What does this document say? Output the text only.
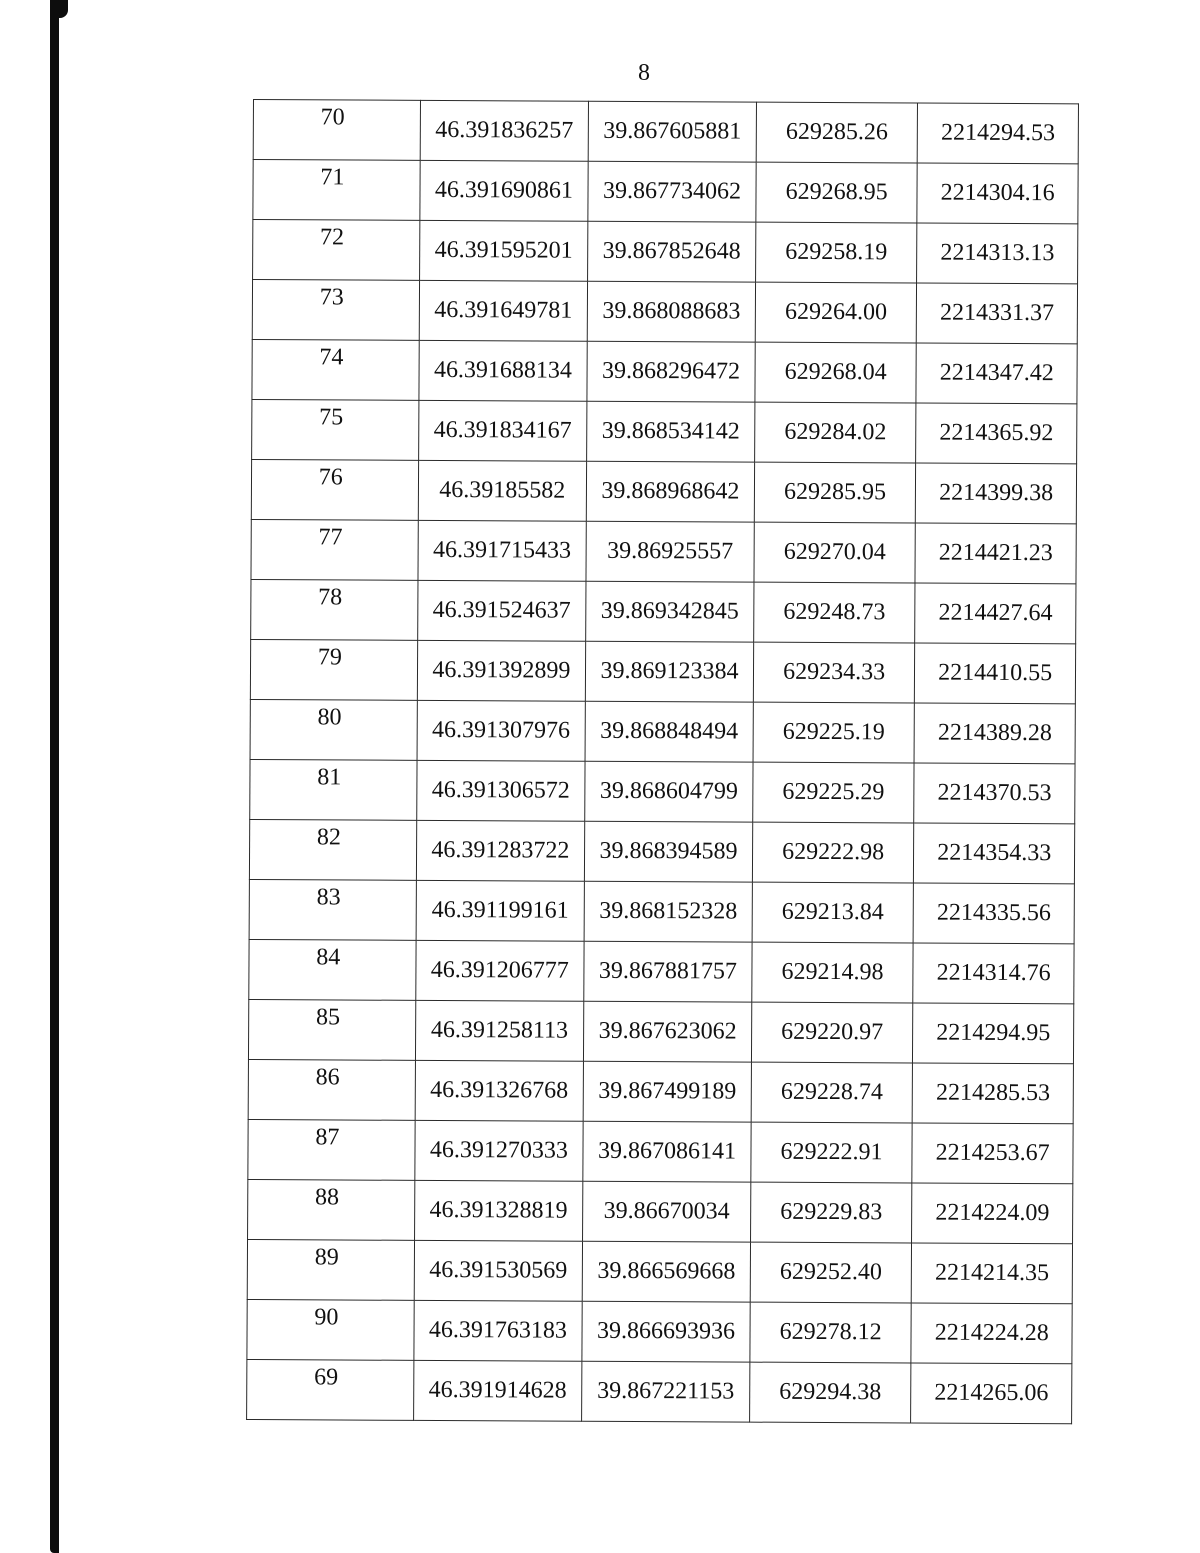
8
70	46.391836257	39.867605881	629285.26	2214294.53
71	46.391690861	39.867734062	629268.95	2214304.16
72	46.391595201	39.867852648	629258.19	2214313.13
73	46.391649781	39.868088683	629264.00	2214331.37
74	46.391688134	39.868296472	629268.04	2214347.42
75	46.391834167	39.868534142	629284.02	2214365.92
76	46.39185582	39.868968642	629285.95	2214399.38
77	46.391715433	39.86925557	629270.04	2214421.23
78	46.391524637	39.869342845	629248.73	2214427.64
79	46.391392899	39.869123384	629234.33	2214410.55
80	46.391307976	39.868848494	629225.19	2214389.28
81	46.391306572	39.868604799	629225.29	2214370.53
82	46.391283722	39.868394589	629222.98	2214354.33
83	46.391199161	39.868152328	629213.84	2214335.56
84	46.391206777	39.867881757	629214.98	2214314.76
85	46.391258113	39.867623062	629220.97	2214294.95
86	46.391326768	39.867499189	629228.74	2214285.53
87	46.391270333	39.867086141	629222.91	2214253.67
88	46.391328819	39.86670034	629229.83	2214224.09
89	46.391530569	39.866569668	629252.40	2214214.35
90	46.391763183	39.866693936	629278.12	2214224.28
69	46.391914628	39.867221153	629294.38	2214265.06
